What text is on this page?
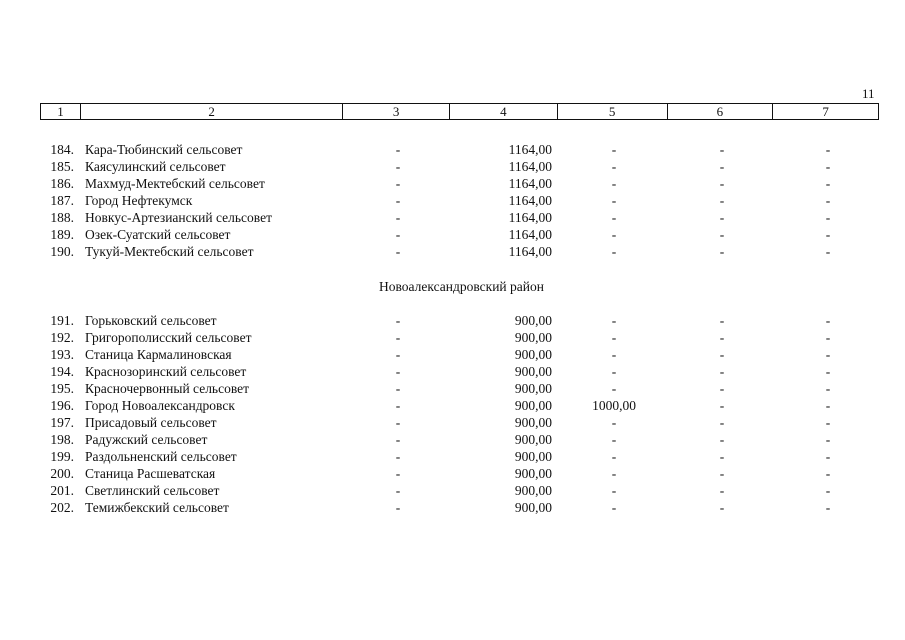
11
1	2	3	4	5	6	7
184. Кара-Тюбинский сельсовет	-	1164,00	-	-	-
185. Каясулинский сельсовет	-	1164,00	-	-	-
186. Махмуд-Мектебский сельсовет	-	1164,00	-	-	-
187. Город Нефтекумск	-	1164,00	-	-	-
188. Новкус-Артезианский сельсовет	-	1164,00	-	-	-
189. Озек-Суатский сельсовет	-	1164,00	-	-	-
190. Тукуй-Мектебский сельсовет	-	1164,00	-	-	-
Новоалександровский район
191. Горьковский сельсовет	-	900,00	-	-	-
192. Григорополисский сельсовет	-	900,00	-	-	-
193. Станица Кармалиновская	-	900,00	-	-	-
194. Краснозоринский сельсовет	-	900,00	-	-	-
195. Красночервонный сельсовет	-	900,00	-	-	-
196. Город Новоалександровск	-	900,00	1000,00	-	-
197. Присадовый сельсовет	-	900,00	-	-	-
198. Радужский сельсовет	-	900,00	-	-	-
199. Раздольненский сельсовет	-	900,00	-	-	-
200. Станица Расшеватская	-	900,00	-	-	-
201. Светлинский сельсовет	-	900,00	-	-	-
202. Темижбекский сельсовет	-	900,00	-	-	-
